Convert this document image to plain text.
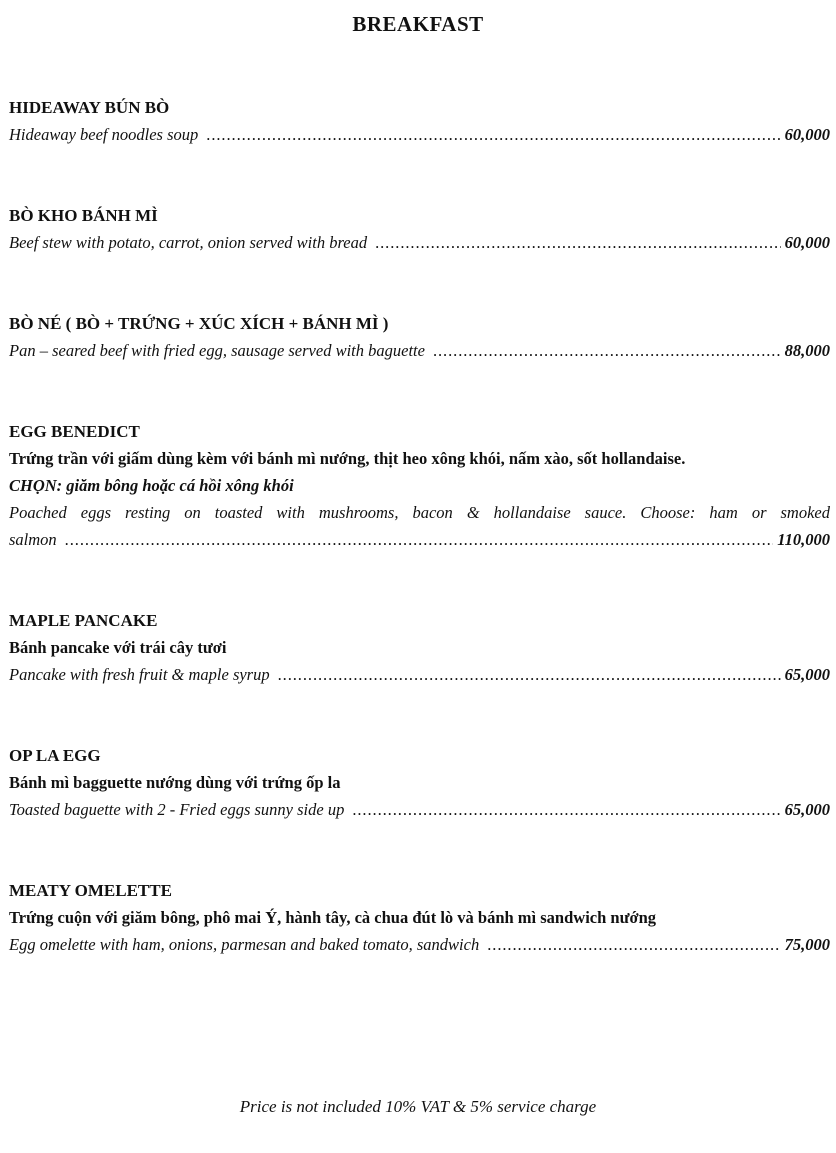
BREAKFAST
HIDEAWAY BÚN BÒ
Hideaway beef noodles soup . . .	60,000
BÒ KHO BÁNH MÌ
Beef stew with potato, carrot, onion served with bread . . .	60,000
BÒ NÉ ( BÒ + TRỨNG + XÚC XÍCH + BÁNH MÌ )
Pan – seared beef with fried egg, sausage served with baguette . . .	88,000
EGG BENEDICT
Trứng trần với giấm dùng kèm với bánh mì nướng, thịt heo xông khói, nấm xào, sốt hollandaise.
CHỌN: giăm bông hoặc cá hồi xông khói
Poached eggs resting on toasted with mushrooms, bacon & hollandaise sauce. Choose: ham or smoked
salmon . . .	110,000
MAPLE PANCAKE
Bánh pancake với trái cây tươi
Pancake with fresh fruit & maple syrup . . .	65,000
OP LA EGG
Bánh mì bagguette nướng dùng với trứng ốp la
Toasted baguette with 2 - Fried eggs sunny side up . . .	65,000
MEATY OMELETTE
Trứng cuộn với giăm bông, phô mai Ý, hành tây, cà chua đút lò và bánh mì sandwich nướng
Egg omelette with ham, onions, parmesan and baked tomato, sandwich . . .	75,000
Price is not included 10% VAT & 5% service charge
